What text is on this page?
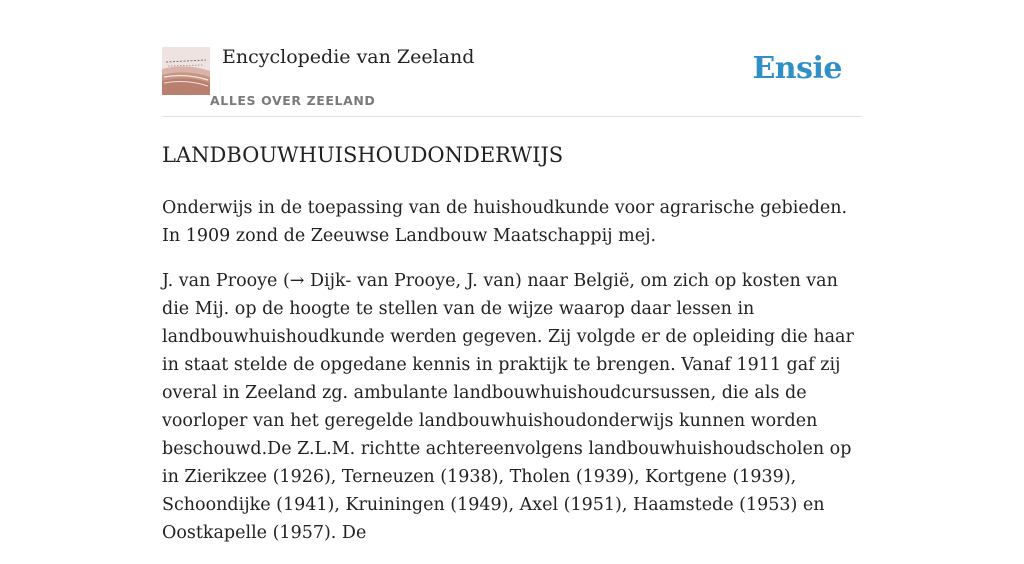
Encyclopedie van Zeeland
ALLES OVER ZEELAND
Ensie
LANDBOUWHUISHOUDONDERWIJS

Onderwijs in de toepassing van de huishoudkunde voor agrarische gebieden. In 1909 zond de Zeeuwse Landbouw Maatschappij mej.

J. van Prooye (→ Dijk- van Prooye, J. van) naar België, om zich op kosten van die Mij. op de hoogte te stellen van de wijze waarop daar lessen in landbouwhuishoudkunde werden gegeven. Zij volgde er de opleiding die haar in staat stelde de opgedane kennis in praktijk te brengen. Vanaf 1911 gaf zij overal in Zeeland zg. ambulante landbouwhuishoudcursussen, die als de voorloper van het geregelde landbouwhuishoudonderwijs kunnen worden beschouwd.De Z.L.M. richtte achtereenvolgens landbouwhuishoudscholen op in Zierikzee (1926), Terneuzen (1938), Tholen (1939), Kortgene (1939), Schoondijke (1941), Kruiningen (1949), Axel (1951), Haamstede (1953) en Oostkapelle (1957). De
